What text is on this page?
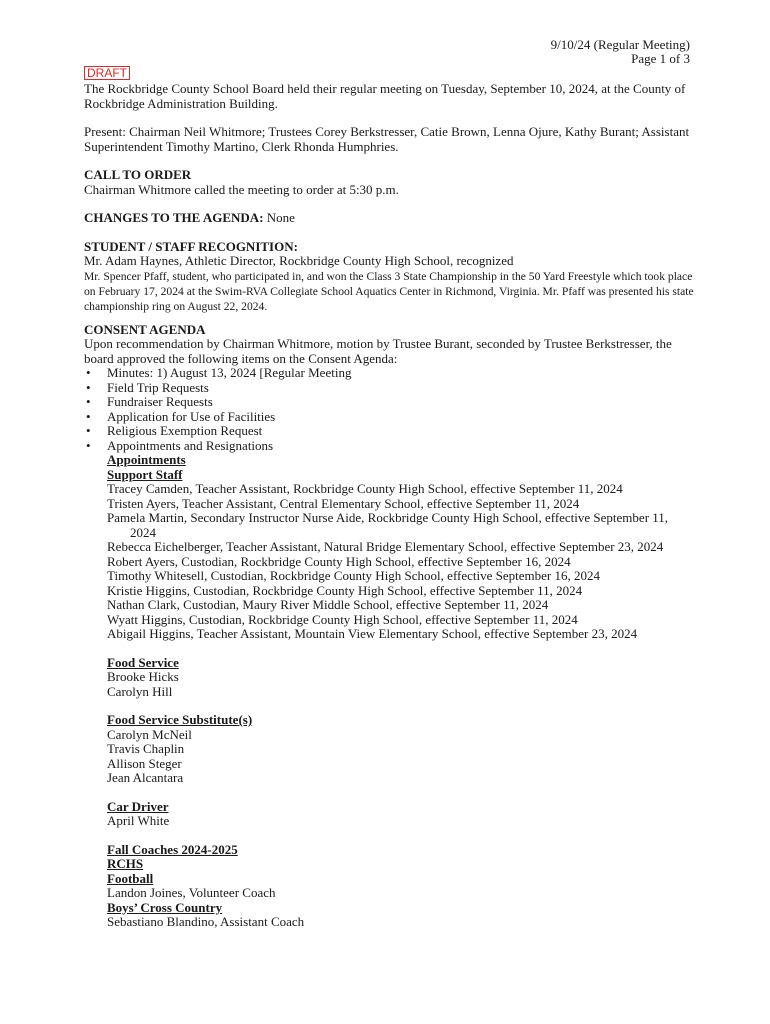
9/10/24 (Regular Meeting)
Page 1 of 3
DRAFT

The Rockbridge County School Board held their regular meeting on Tuesday, September 10, 2024, at the County of Rockbridge Administration Building.

Present: Chairman Neil Whitmore; Trustees Corey Berkstresser, Catie Brown, Lenna Ojure, Kathy Burant; Assistant Superintendent Timothy Martino, Clerk Rhonda Humphries.

CALL TO ORDER

Chairman Whitmore called the meeting to order at 5:30 p.m.

CHANGES TO THE AGENDA: None

STUDENT / STAFF RECOGNITION:

Mr. Adam Haynes, Athletic Director, Rockbridge County High School, recognized

Mr. Spencer Pfaff, student, who participated in, and won the Class 3 State Championship in the 50 Yard Freestyle which took place on February 17, 2024 at the Swim-RVA Collegiate School Aquatics Center in Richmond, Virginia. Mr. Pfaff was presented his state championship ring on August 22, 2024.

CONSENT AGENDA

Upon recommendation by Chairman Whitmore, motion by Trustee Burant, seconded by Trustee Berkstresser, the board approved the following items on the Consent Agenda:

• Minutes: 1) August 13, 2024 [Regular Meeting
• Field Trip Requests
• Fundraiser Requests
• Application for Use of Facilities
• Religious Exemption Request
• Appointments and Resignations

Appointments

Support Staff

Tracey Camden, Teacher Assistant, Rockbridge County High School, effective September 11, 2024

Tristen Ayers, Teacher Assistant, Central Elementary School, effective September 11, 2024

Pamela Martin, Secondary Instructor Nurse Aide, Rockbridge County High School, effective September 11, 2024

Rebecca Eichelberger, Teacher Assistant, Natural Bridge Elementary School, effective September 23, 2024

Robert Ayers, Custodian, Rockbridge County High School, effective September 16, 2024

Timothy Whitesell, Custodian, Rockbridge County High School, effective September 16, 2024

Kristie Higgins, Custodian, Rockbridge County High School, effective September 11, 2024

Nathan Clark, Custodian, Maury River Middle School, effective September 11, 2024

Wyatt Higgins, Custodian, Rockbridge County High School, effective September 11, 2024

Abigail Higgins, Teacher Assistant, Mountain View Elementary School, effective September 23, 2024

Food Service

Brooke Hicks

Carolyn Hill

Food Service Substitute(s)

Carolyn McNeil

Travis Chaplin

Allison Steger

Jean Alcantara

Car Driver

April White

Fall Coaches 2024-2025

RCHS

Football

Landon Joines, Volunteer Coach

Boys’ Cross Country

Sebastiano Blandino, Assistant Coach
